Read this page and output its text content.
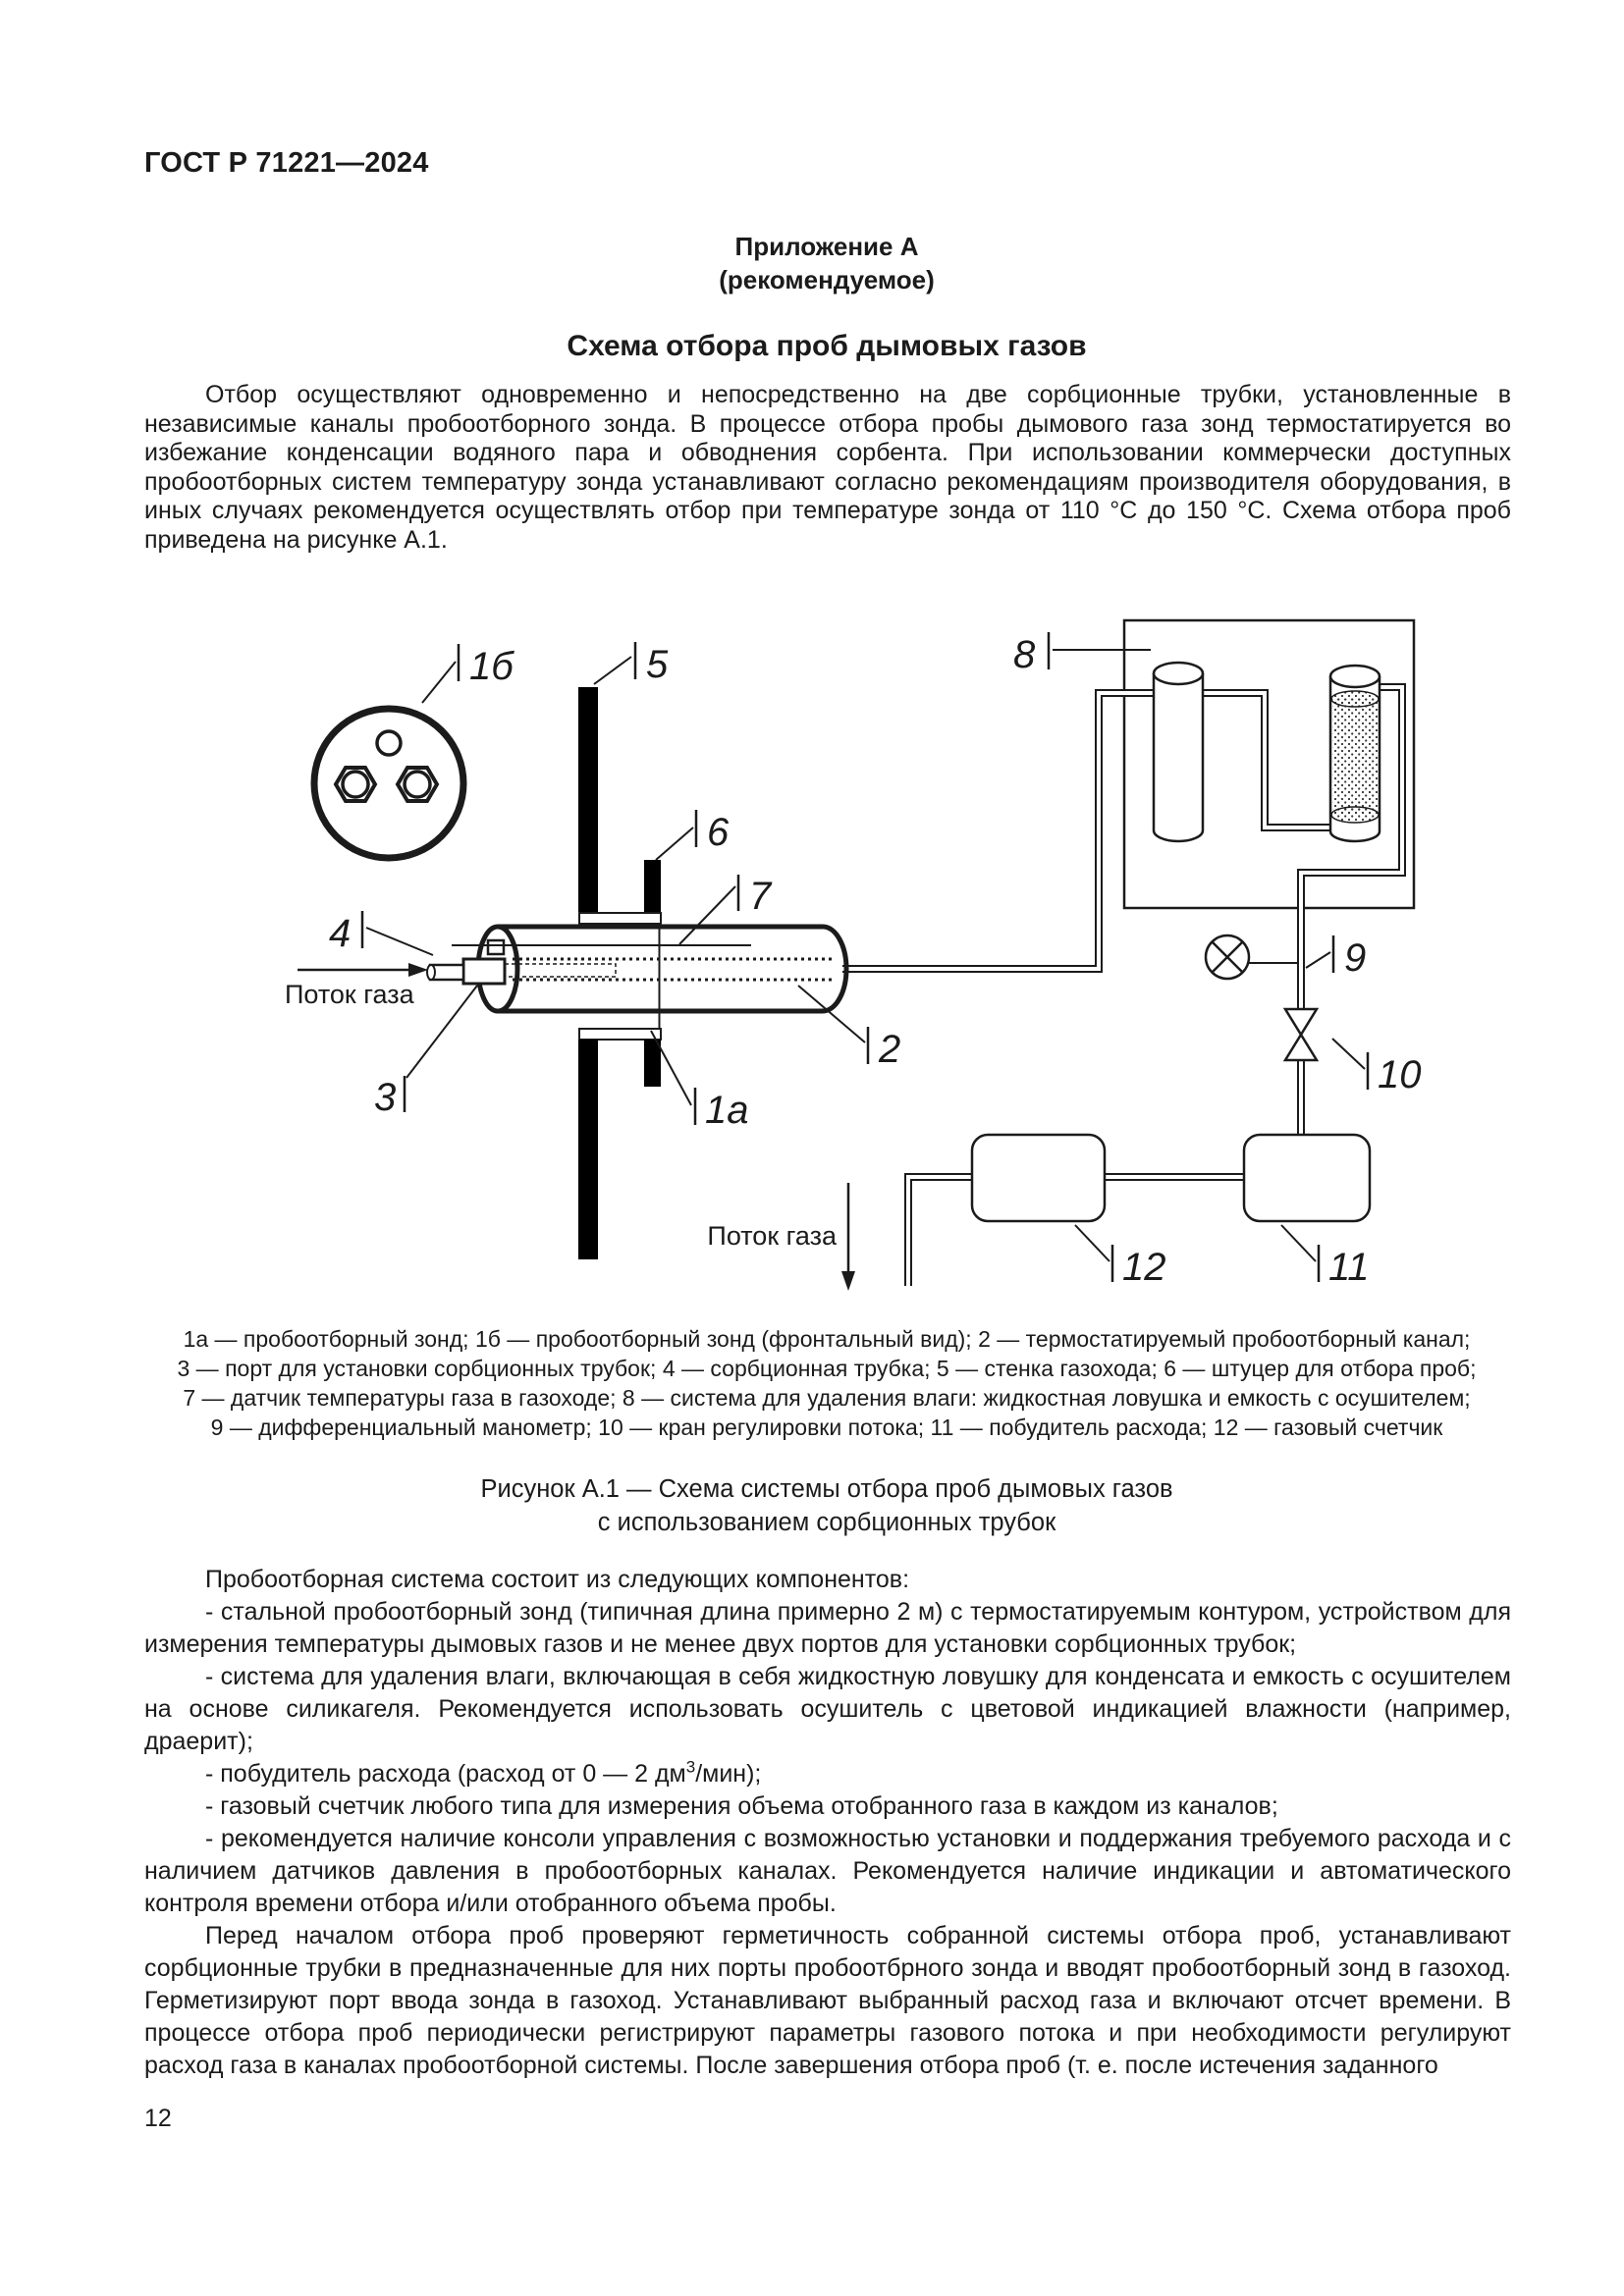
ГОСТ Р 71221—2024
Приложение А
(рекомендуемое)
Схема отбора проб дымовых газов

Отбор осуществляют одновременно и непосредственно на две сорбционные трубки, установленные в независимые каналы пробоотборного зонда. В процессе отбора пробы дымового газа зонд термостатируется во избежание конденсации водяного пара и обводнения сорбента. При использовании коммерчески доступных пробоотборных систем температуру зонда устанавливают согласно рекомендациям производителя оборудования, в иных случаях рекомендуется осуществлять отбор при температуре зонда от 110 °С до 150 °С. Схема отбора проб приведена на рисунке А.1.

Поток газа
Поток газа
1б	5
6
7
4
3	1а
2
8
9
10
11
12
1а — пробоотборный зонд; 1б — пробоотборный зонд (фронтальный вид); 2 — термостатируемый пробоотборный канал;
3 — порт для установки сорбционных трубок; 4 — сорбционная трубка; 5 — стенка газохода; 6 — штуцер для отбора проб;
7 — датчик температуры газа в газоходе; 8 — система для удаления влаги: жидкостная ловушка и емкость с осушителем;
9 — дифференциальный манометр; 10 — кран регулировки потока; 11 — побудитель расхода; 12 — газовый счетчик
Рисунок А.1 — Схема системы отбора проб дымовых газов
с использованием сорбционных трубок

Пробоотборная система состоит из следующих компонентов:

- стальной пробоотборный зонд (типичная длина примерно 2 м) с термостатируемым контуром, устройством для измерения температуры дымовых газов и не менее двух портов для установки сорбционных трубок;

- система для удаления влаги, включающая в себя жидкостную ловушку для конденсата и емкость с осушителем на основе силикагеля. Рекомендуется использовать осушитель с цветовой индикацией влажности (например, драерит);

- побудитель расхода (расход от 0 — 2 $дм^3/мин$);

- газовый счетчик любого типа для измерения объема отобранного газа в каждом из каналов;

- рекомендуется наличие консоли управления с возможностью установки и поддержания требуемого расхода и с наличием датчиков давления в пробоотборных каналах. Рекомендуется наличие индикации и автоматического контроля времени отбора и/или отобранного объема пробы.

Перед началом отбора проб проверяют герметичность собранной системы отбора проб, устанавливают сорбционные трубки в предназначенные для них порты пробоотбрного зонда и вводят пробоотборный зонд в газоход. Герметизируют порт ввода зонда в газоход. Устанавливают выбранный расход газа и включают отсчет времени. В процессе отбора проб периодически регистрируют параметры газового потока и при необходимости регулируют расход газа в каналах пробоотборной системы. После завершения отбора проб (т. е. после истечения заданного

12
